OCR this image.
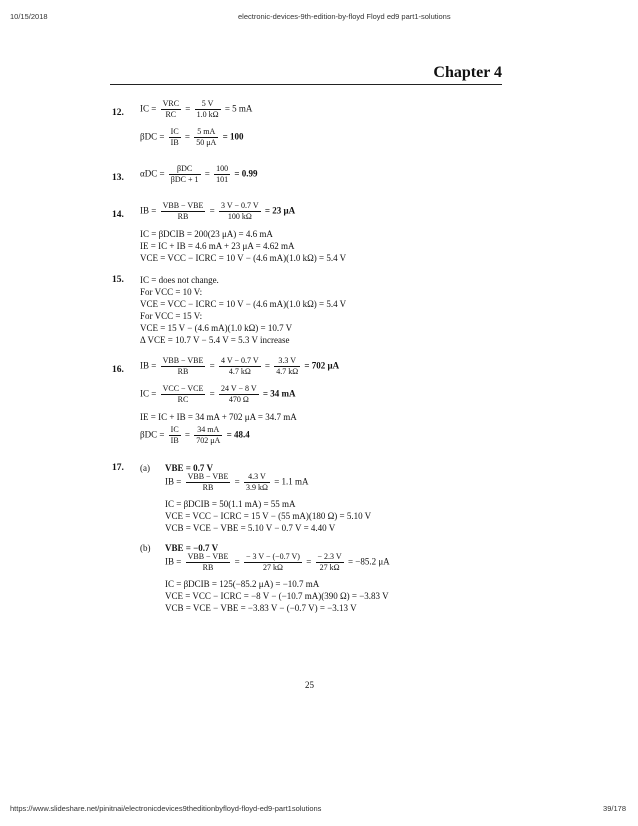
10/15/2018	electronic-devices-9th-edition-by-floyd Floyd ed9 part1-solutions
Chapter 4
12. IC = $\frac{\text{VRC}}{RC} = \frac{5 V}{1.0 k\Omega} = 5$ mA
$\beta DC = \frac{IC}{IB} = \frac{5 mA}{50 \mu A} = 100$
13. $\alpha DC = \frac{\text{βDC}}{\text{βDC + 1}} = \frac{100}{101} = 0.99$
14. IB = $\frac{\text{VBB − VBE}}{RB} = \frac{3 V - 0.7 V}{100 k\Omega} = 23$ μA
IC = βDCIB = 200(23 μA) = 4.6 mA
IE = IC + IB = 4.6 mA + 23 μA = 4.62 mA
VCE = VCC − ICRC = 10 V − (4.6 mA)(1.0 kΩ) = 5.4 V
15. IC = does not change.
For VCC = 10 V:
VCE = VCC − ICRC = 10 V − (4.6 mA)(1.0 kΩ) = 5.4 V
For VCC = 15 V:
VCE = 15 V − (4.6 mA)(1.0 kΩ) = 10.7 V
Δ VCE = 10.7 V − 5.4 V = 5.3 V increase
16. IB = $\frac{\text{VBB − VBE}}{RB} = \frac{4 V - 0.7 V}{4.7 k\Omega} = \frac{3.3 V}{4.7 k\Omega} = 702$ μA
IC = $\frac{\text{VCC − VCE}}{RC} = \frac{24 V - 8 V}{470 \Omega} = 34$ mA
IE = IC + IB = 34 mA + 702 μA = 34.7 mA
$\beta DC = \frac{IC}{IB} = \frac{34 mA}{702 \mu A} = 48.4$
17. (a) VBE = 0.7 V
IB = $\frac{\text{VBB − VBE}}{RB} = \frac{4.3 V}{3.9 k\Omega} = 1.1$ mA
IC = βDCIB = 50(1.1 mA) = 55 mA
VCE = VCC − ICRC = 15 V − (55 mA)(180 Ω) = 5.10 V
VCB = VCE − VBE = 5.10 V − 0.7 V = 4.40 V
(b) VBE = −0.7 V
IB = $\frac{\text{VBB − VBE}}{RB} = \frac{- 3 V - (-0.7 V)}{27 k\Omega} = \frac{- 2.3 V}{27 k\Omega} = -85.2$ μA
IC = βDCIB = 125(−85.2 μA) = −10.7 mA
VCE = VCC − ICRC = −8 V − (−10.7 mA)(390 Ω) = −3.83 V
VCB = VCE − VBE = −3.83 V − (−0.7 V) = −3.13 V
25
https://www.slideshare.net/pinitnai/electronicdevices9theditionbyfloyd-floyd-ed9-part1solutions	39/178
